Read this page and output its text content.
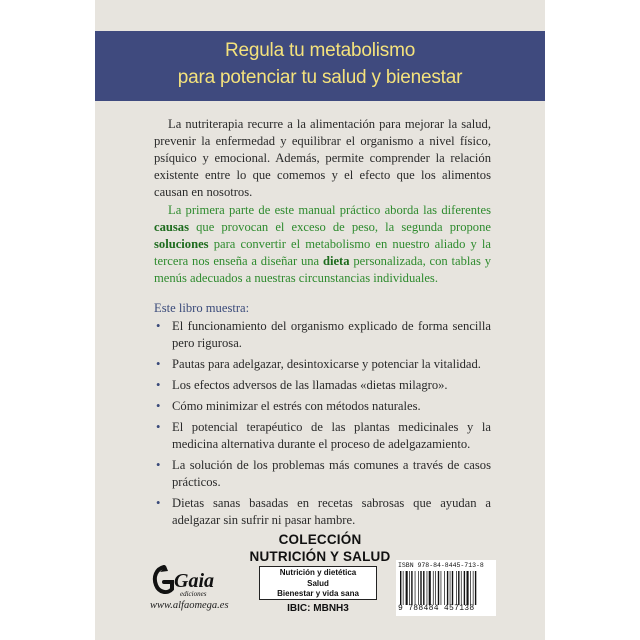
Regula tu metabolismo
para potenciar tu salud y bienestar

La nutriterapia recurre a la alimentación para mejorar la salud, prevenir la enfermedad y equilibrar el organismo a nivel físico, psíquico y emocional. Además, permite comprender la relación existente entre lo que comemos y el efecto que los alimentos causan en nosotros.

La primera parte de este manual práctico aborda las diferentes causas que provocan el exceso de peso, la segunda propone soluciones para convertir el metabolismo en nuestro aliado y la tercera nos enseña a diseñar una dieta personalizada, con tablas y menús adecuados a nuestras circunstancias individuales.

Este libro muestra:
• El funcionamiento del organismo explicado de forma sencilla pero rigurosa.
• Pautas para adelgazar, desintoxicarse y potenciar la vitalidad.
• Los efectos adversos de las llamadas «dietas milagro».
• Cómo minimizar el estrés con métodos naturales.
• El potencial terapéutico de las plantas medicinales y la medicina alternativa durante el proceso de adelgazamiento.
• La solución de los problemas más comunes a través de casos prácticos.
• Dietas sanas basadas en recetas sabrosas que ayudan a adelgazar sin sufrir ni pasar hambre.
COLECCIÓN
NUTRICIÓN Y SALUD
Gaia
ediciones
www.alfaomega.es
Nutrición y dietética
Salud
Bienestar y vida sana
IBIC: MBNH3
ISBN 978-84-8445-713-8
9 788484 457138
